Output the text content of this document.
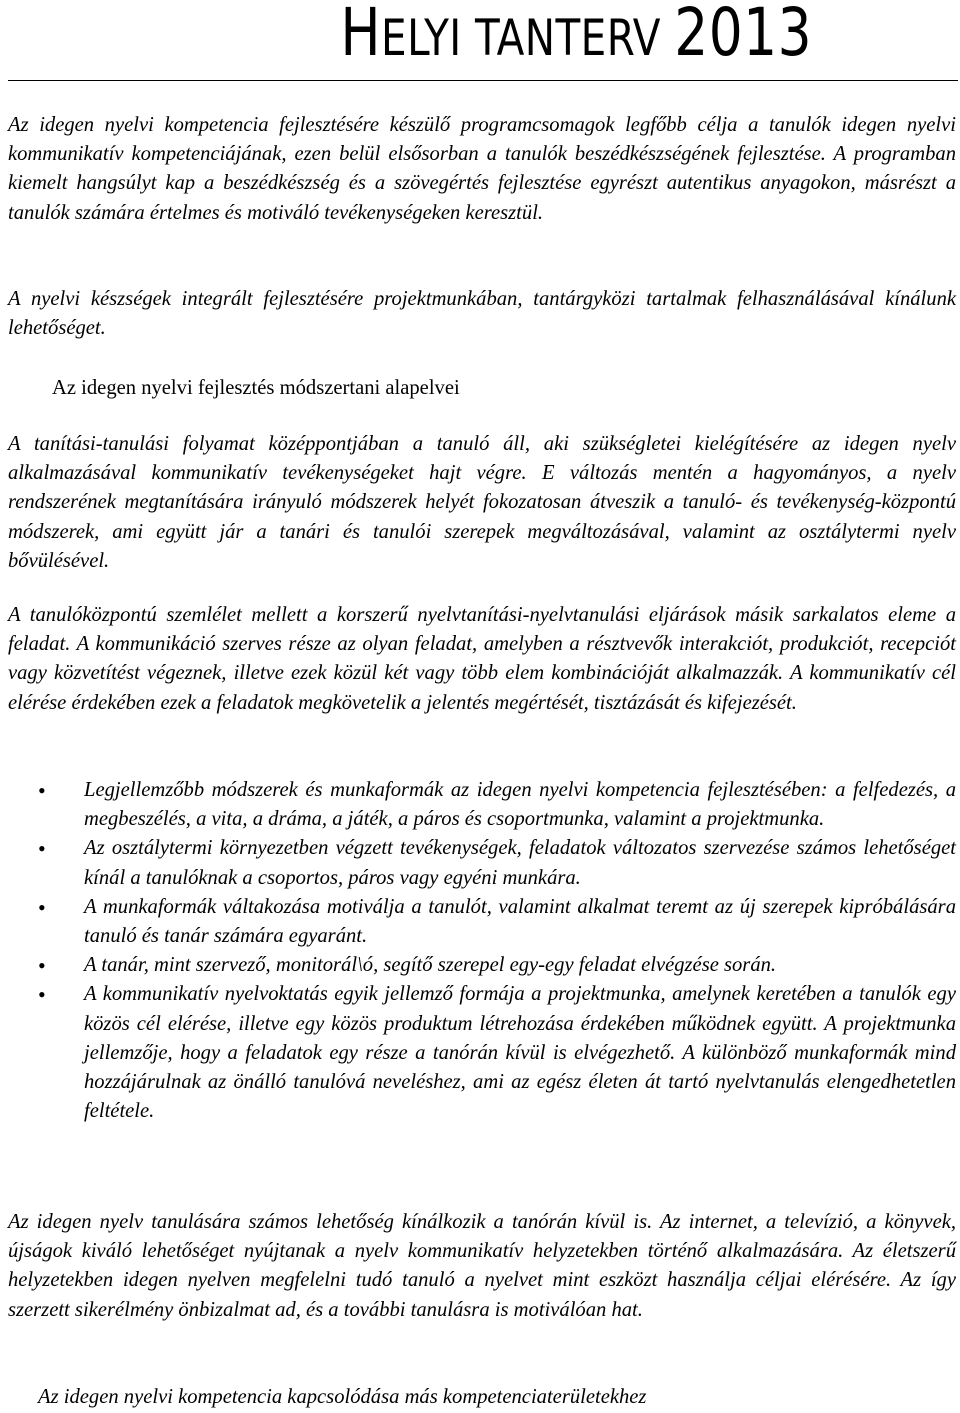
HELYI TANTERV 2013
Az idegen nyelvi kompetencia fejlesztésére készülő programcsomagok legfőbb célja a tanulók idegen nyelvi kommunikatív kompetenciájának, ezen belül elsősorban a tanulók beszédkészségének fejlesztése. A programban kiemelt hangsúlyt kap a beszédkészség és a szövegértés fejlesztése egyrészt autentikus anyagokon, másrészt a tanulók számára értelmes és motiváló tevékenységeken keresztül.
A nyelvi készségek integrált fejlesztésére projektmunkában, tantárgyközi tartalmak felhasználásával kínálunk lehetőséget.
Az idegen nyelvi fejlesztés módszertani alapelvei
A tanítási-tanulási folyamat középpontjában a tanuló áll, aki szükségletei kielégítésére az idegen nyelv alkalmazásával kommunikatív tevékenységeket hajt végre. E változás mentén a hagyományos, a nyelv rendszerének megtanítására irányuló módszerek helyét fokozatosan átveszik a tanuló- és tevékenység-központú módszerek, ami együtt jár a tanári és tanulói szerepek megváltozásával, valamint az osztálytermi nyelv bővülésével.
A tanulóközpontú szemlélet mellett a korszerű nyelvtanítási-nyelvtanulási eljárások másik sarkalatos eleme a feladat. A kommunikáció szerves része az olyan feladat, amelyben a résztvevők interakciót, produkciót, recepciót vagy közvetítést végeznek, illetve ezek közül két vagy több elem kombinációját alkalmazzák. A kommunikatív cél elérése érdekében ezek a feladatok megkövetelik a jelentés megértését, tisztázását és kifejezését.
• Legjellemzőbb módszerek és munkaformák az idegen nyelvi kompetencia fejlesztésében: a felfedezés, a megbeszélés, a vita, a dráma, a játék, a páros és csoportmunka, valamint a projektmunka.
• Az osztálytermi környezetben végzett tevékenységek, feladatok változatos szervezése számos lehetőséget kínál a tanulóknak a csoportos, páros vagy egyéni munkára.
• A munkaformák váltakozása motiválja a tanulót, valamint alkalmat teremt az új szerepek kipróbálására tanuló és tanár számára egyaránt.
• A tanár, mint szervező, monitorál\ó, segítő szerepel egy-egy feladat elvégzése során.
• A kommunikatív nyelvoktatás egyik jellemző formája a projektmunka, amelynek keretében a tanulók egy közös cél elérése, illetve egy közös produktum létrehozása érdekében működnek együtt. A projektmunka jellemzője, hogy a feladatok egy része a tanórán kívül is elvégezhető. A különböző munkaformák mind hozzájárulnak az önálló tanulóvá neveléshez, ami az egész életen át tartó nyelvtanulás elengedhetetlen feltétele.
Az idegen nyelv tanulására számos lehetőség kínálkozik a tanórán kívül is. Az internet, a televízió, a könyvek, újságok kiváló lehetőséget nyújtanak a nyelv kommunikatív helyzetekben történő alkalmazására. Az életszerű helyzetekben idegen nyelven megfelelni tudó tanuló a nyelvet mint eszközt használja céljai elérésére. Az így szerzett sikerélmény önbizalmat ad, és a további tanulásra is motiválóan hat.
Az idegen nyelvi kompetencia kapcsolódása más kompetenciaterületekhez
